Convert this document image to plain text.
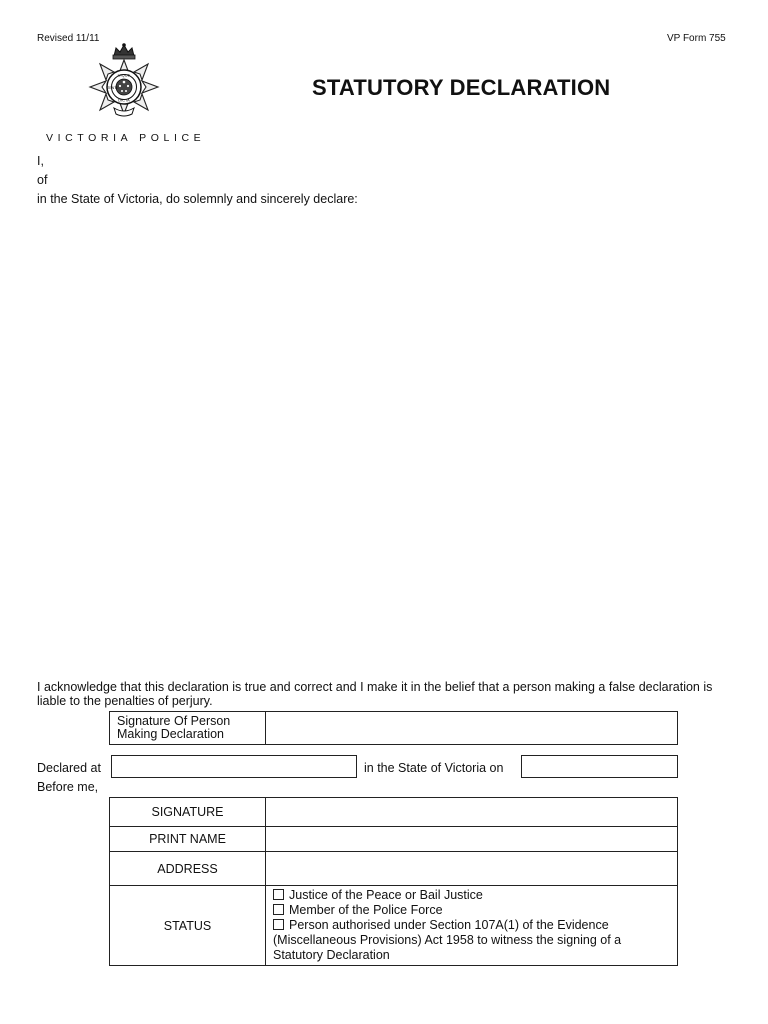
Revised 11/11	VP Form 755
UIQUE
TENTE
DICTA
VICTORIA POLICE
STATUTORY DECLARATION
I,
of
in the State of Victoria, do solemnly and sincerely declare:
I acknowledge that this declaration is true and correct and I make it in the belief that a person making a false declaration is liable to the penalties of perjury.
Signature Of Person
Making Declaration

Declared at	in the State of Victoria on
Before me,
SIGNATURE	
PRINT NAME	
ADDRESS	
STATUS	Justice of the Peace or Bail Justice
Member of the Police Force
Person authorised under Section 107A(1) of the Evidence
(Miscellaneous Provisions) Act 1958 to witness the signing of a
Statutory Declaration
